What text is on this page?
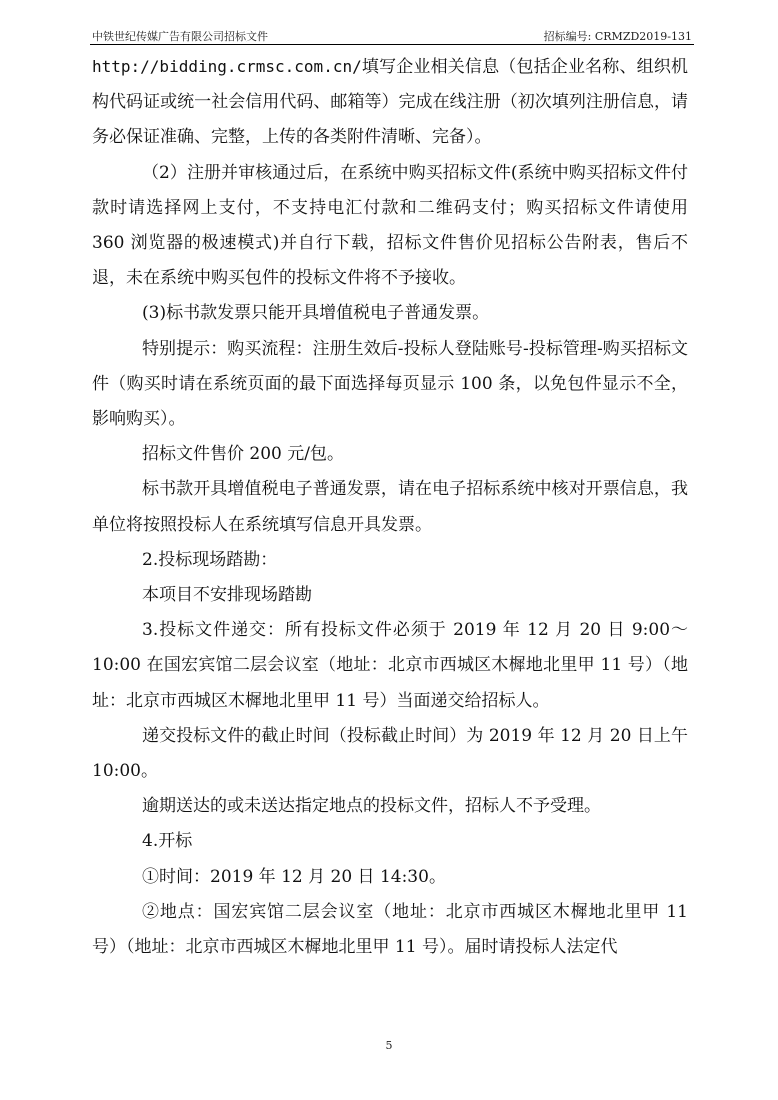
中铁世纪传媒广告有限公司招标文件	招标编号: CRMZD2019-131

http://bidding.crmsc.com.cn/填写企业相关信息（包括企业名称、组织机构代码证或统一社会信用代码、邮箱等）完成在线注册（初次填列注册信息，请务必保证准确、完整，上传的各类附件清晰、完备）。

（2）注册并审核通过后，在系统中购买招标文件(系统中购买招标文件付款时请选择网上支付，不支持电汇付款和二维码支付；购买招标文件请使用 360 浏览器的极速模式)并自行下载，招标文件售价见招标公告附表，售后不退，未在系统中购买包件的投标文件将不予接收。

(3)标书款发票只能开具增值税电子普通发票。

特别提示：购买流程：注册生效后-投标人登陆账号-投标管理-购买招标文件（购买时请在系统页面的最下面选择每页显示 100 条，以免包件显示不全，影响购买）。

招标文件售价 200 元/包。

标书款开具增值税电子普通发票，请在电子招标系统中核对开票信息，我单位将按照投标人在系统填写信息开具发票。

2.投标现场踏勘：

本项目不安排现场踏勘

3.投标文件递交：所有投标文件必须于 2019 年 12 月 20 日 9:00～10:00 在国宏宾馆二层会议室（地址：北京市西城区木樨地北里甲 11 号）（地址：北京市西城区木樨地北里甲 11 号）当面递交给招标人。

递交投标文件的截止时间（投标截止时间）为 2019 年 12 月 20 日上午 10:00。

逾期送达的或未送达指定地点的投标文件，招标人不予受理。

4.开标

①时间：2019 年 12 月 20 日 14:30。

②地点：国宏宾馆二层会议室（地址：北京市西城区木樨地北里甲 11 号）（地址：北京市西城区木樨地北里甲 11 号）。届时请投标人法定代

5
